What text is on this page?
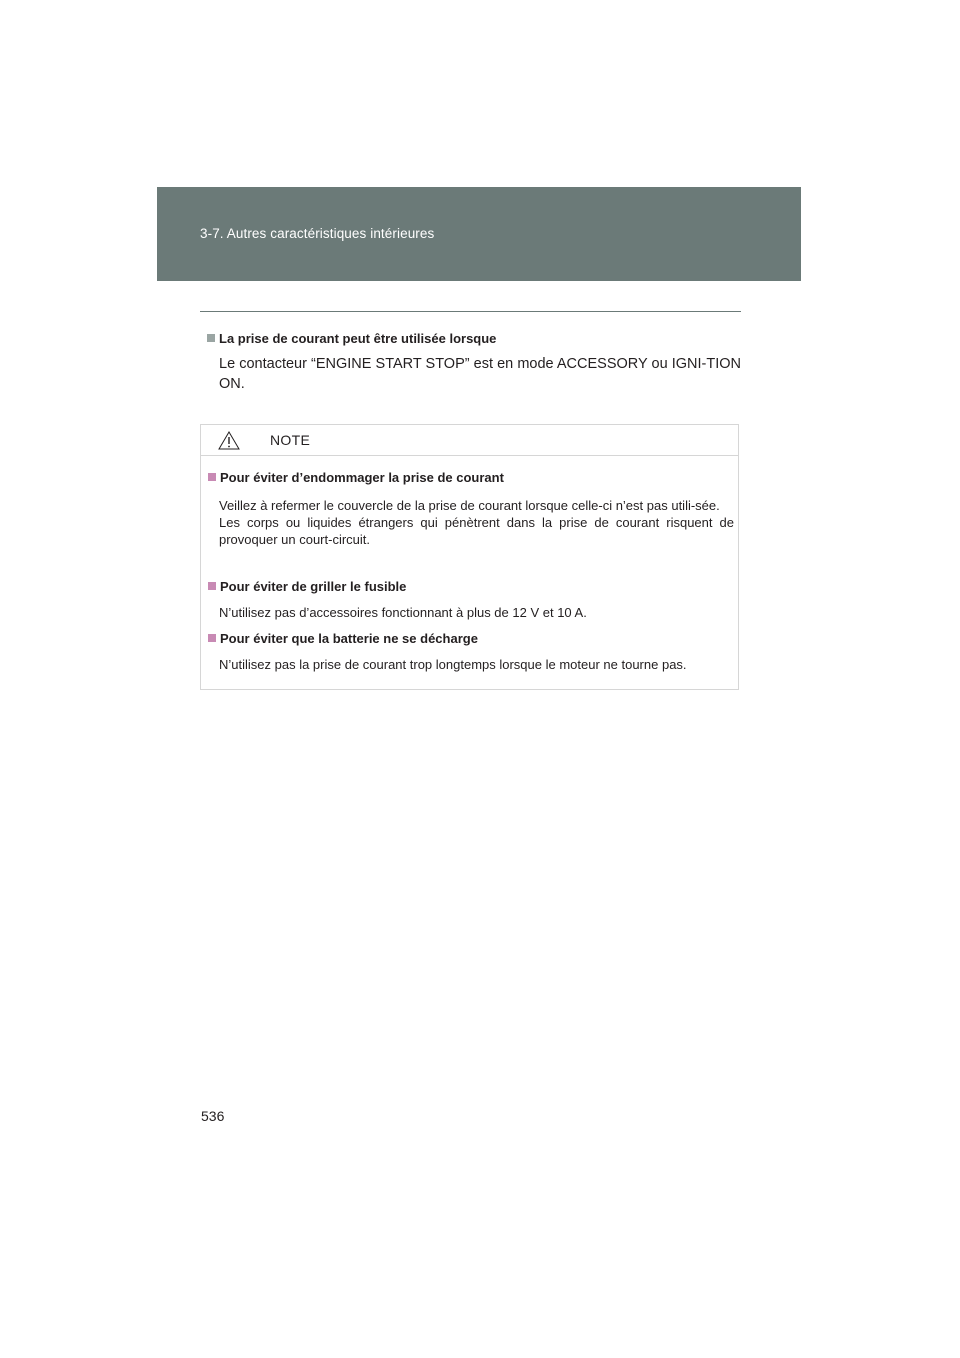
3-7. Autres caractéristiques intérieures
La prise de courant peut être utilisée lorsque
Le contacteur “ENGINE START STOP” est en mode ACCESSORY ou IGNI-TION ON.
NOTE
Pour éviter d’endommager la prise de courant
Veillez à refermer le couvercle de la prise de courant lorsque celle-ci n’est pas utili-sée.
Les corps ou liquides étrangers qui pénètrent dans la prise de courant risquent de provoquer un court-circuit.
Pour éviter de griller le fusible
N’utilisez pas d’accessoires fonctionnant à plus de 12 V et 10 A.
Pour éviter que la batterie ne se décharge
N’utilisez pas la prise de courant trop longtemps lorsque le moteur ne tourne pas.
536
